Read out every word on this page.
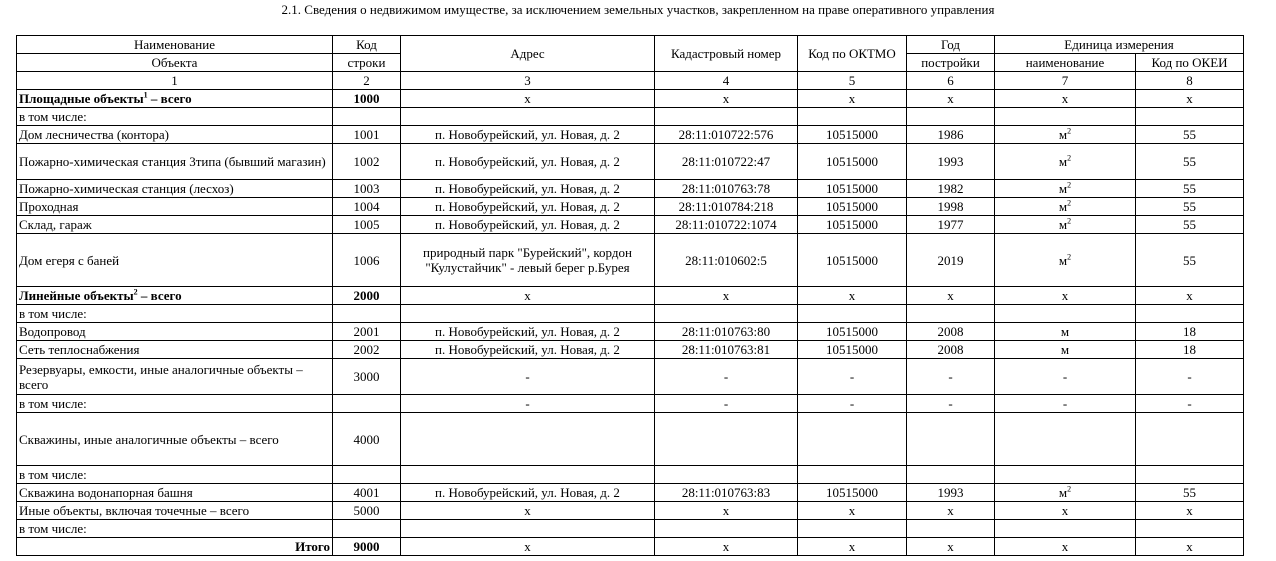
2.1. Сведения о недвижимом имуществе, за исключением земельных участков, закрепленном на праве оперативного управления
Наименование	Код	Адрес	Кадастровый номер	Код по ОКТМО	Год	Единица измерения	
Объекта	строки				постройки	наименование	Код по ОКЕИ
1	2	3	4	5	6	7	8
Площадные объекты$^1$ – всего	1000	x	x	x	x	x	x
в том числе:							
Дом лесничества (контора)	1001	п. Новобурейский, ул. Новая, д. 2	28:11:010722:576	10515000	1986	$м^2$	55
Пожарно-химическая станция 3типа (бывший магазин)	1002	п. Новобурейский, ул. Новая, д. 2	28:11:010722:47	10515000	1993	$м^2$	55
Пожарно-химическая станция (лесхоз)	1003	п. Новобурейский, ул. Новая, д. 2	28:11:010763:78	10515000	1982	$м^2$	55
Проходная	1004	п. Новобурейский, ул. Новая, д. 2	28:11:010784:218	10515000	1998	$м^2$	55
Склад, гараж	1005	п. Новобурейский, ул. Новая, д. 2	28:11:010722:1074	10515000	1977	$м^2$	55
Дом егеря с баней	1006	природный парк "Бурейский", кордон "Кулустайчик" - левый берег р.Бурея	28:11:010602:5	10515000	2019	$м^2$	55
Линейные объекты$^2$ – всего	2000	x	x	x	x	x	x
в том числе:							
Водопровод	2001	п. Новобурейский, ул. Новая, д. 2	28:11:010763:80	10515000	2008	м	18
Сеть теплоснабжения	2002	п. Новобурейский, ул. Новая, д. 2	28:11:010763:81	10515000	2008	м	18
Резервуары, емкости, иные аналогичные объекты – всего	3000	-	-	-	-	-	-
в том числе:		-	-	-	-	-	-
Скважины, иные аналогичные объекты – всего	4000						
в том числе:							
Скважина водонапорная башня	4001	п. Новобурейский, ул. Новая, д. 2	28:11:010763:83	10515000	1993	$м^2$	55
Иные объекты, включая точечные – всего	5000	x	x	x	x	x	x
в том числе:							
Итого	9000	x	x	x	x	x	x
